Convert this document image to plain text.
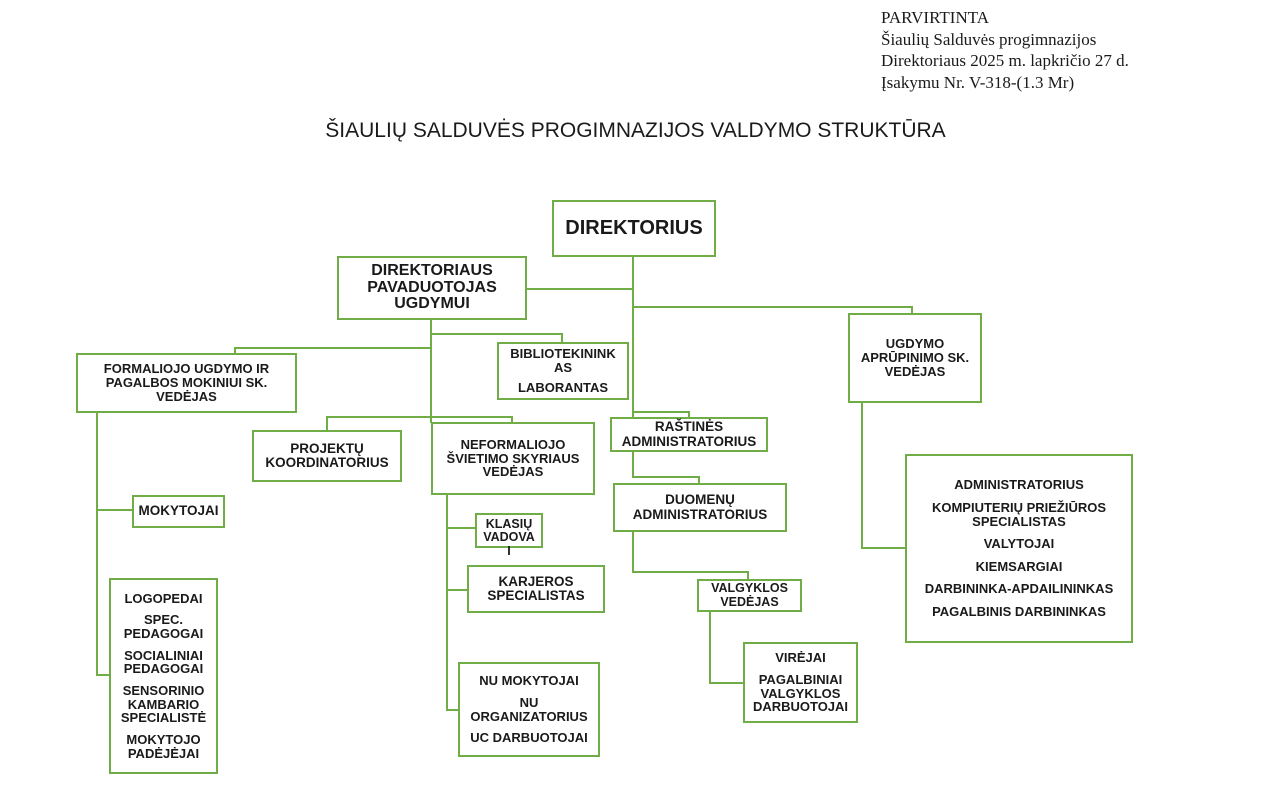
PARVIRTINTA
Šiaulių Salduvės progimnazijos
Direktoriaus 2025 m. lapkričio 27 d.
Įsakymu Nr. V-318-(1.3 Mr)
ŠIAULIŲ SALDUVĖS PROGIMNAZIJOS VALDYMO STRUKTŪRA
DIREKTORIUS
DIREKTORIAUS
PAVADUOTOJAS
UGDYMUI
FORMALIOJO UGDYMO IR
PAGALBOS MOKINIUI SK.
VEDĖJAS
BIBLIOTEKININK
AS
LABORANTAS
UGDYMO
APRŪPINIMO SK.
VEDĖJAS
PROJEKTŲ
KOORDINATORIUS
NEFORMALIOJO
ŠVIETIMO SKYRIAUS
VEDĖJAS
RAŠTINĖS
ADMINISTRATORIUS
DUOMENŲ
ADMINISTRATORIUS
MOKYTOJAI
KLASIŲ
VADOVA
I
KARJEROS
SPECIALISTAS
LOGOPEDAI
SPEC. PEDAGOGAI
SOCIALINIAI PEDAGOGAI
SENSORINIO KAMBARIO SPECIALISTĖ
MOKYTOJO PADĖJĖJAI
NU MOKYTOJAI
NU ORGANIZATORIUS
UC DARBUOTOJAI
VALGYKLOS
VEDĖJAS
VIRĖJAI
PAGALBINIAI VALGYKLOS DARBUOTOJAI
ADMINISTRATORIUS
KOMPIUTERIŲ PRIEŽIŪROS SPECIALISTAS
VALYTOJAI
KIEMSARGIAI
DARBININKA-APDAILININKAS
PAGALBINIS DARBININKAS
